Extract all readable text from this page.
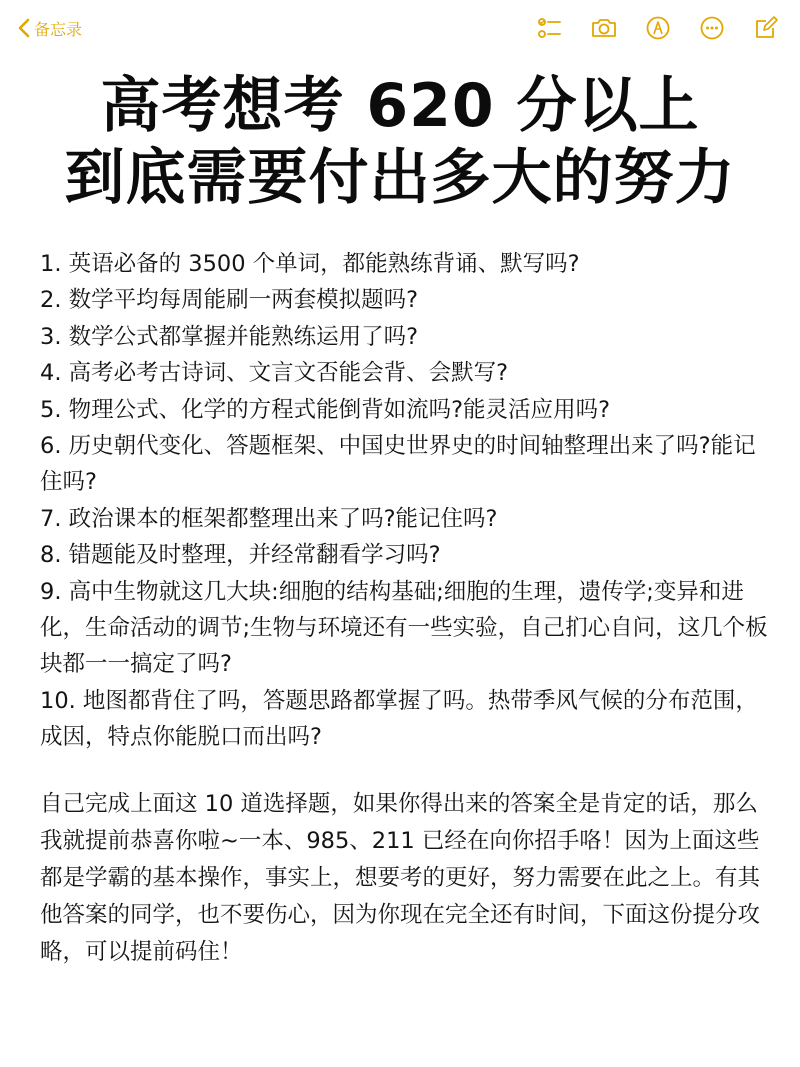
备忘录
高考想考 620 分以上
到底需要付出多大的努力
1. 英语必备的 3500 个单词，都能熟练背诵、默写吗?
2. 数学平均每周能刷一两套模拟题吗?
3. 数学公式都掌握并能熟练运用了吗?
4. 高考必考古诗词、文言文否能会背、会默写?
5. 物理公式、化学的方程式能倒背如流吗?能灵活应用吗?
6. 历史朝代变化、答题框架、中国史世界史的时间轴整理出来了吗?能记住吗?
7. 政治课本的框架都整理出来了吗?能记住吗?
8. 错题能及时整理，并经常翻看学习吗?
9. 高中生物就这几大块:细胞的结构基础;细胞的生理，遗传学;变异和进化，生命活动的调节;生物与环境还有一些实验，自己扪心自问，这几个板块都一一搞定了吗?
10. 地图都背住了吗，答题思路都掌握了吗。热带季风气候的分布范围，成因，特点你能脱口而出吗?
自己完成上面这 10 道选择题，如果你得出来的答案全是肯定的话，那么我就提前恭喜你啦~一本、985、211 已经在向你招手咯！因为上面这些都是学霸的基本操作，事实上，想要考的更好，努力需要在此之上。有其他答案的同学，也不要伤心，因为你现在完全还有时间，下面这份提分攻略，可以提前码住！
